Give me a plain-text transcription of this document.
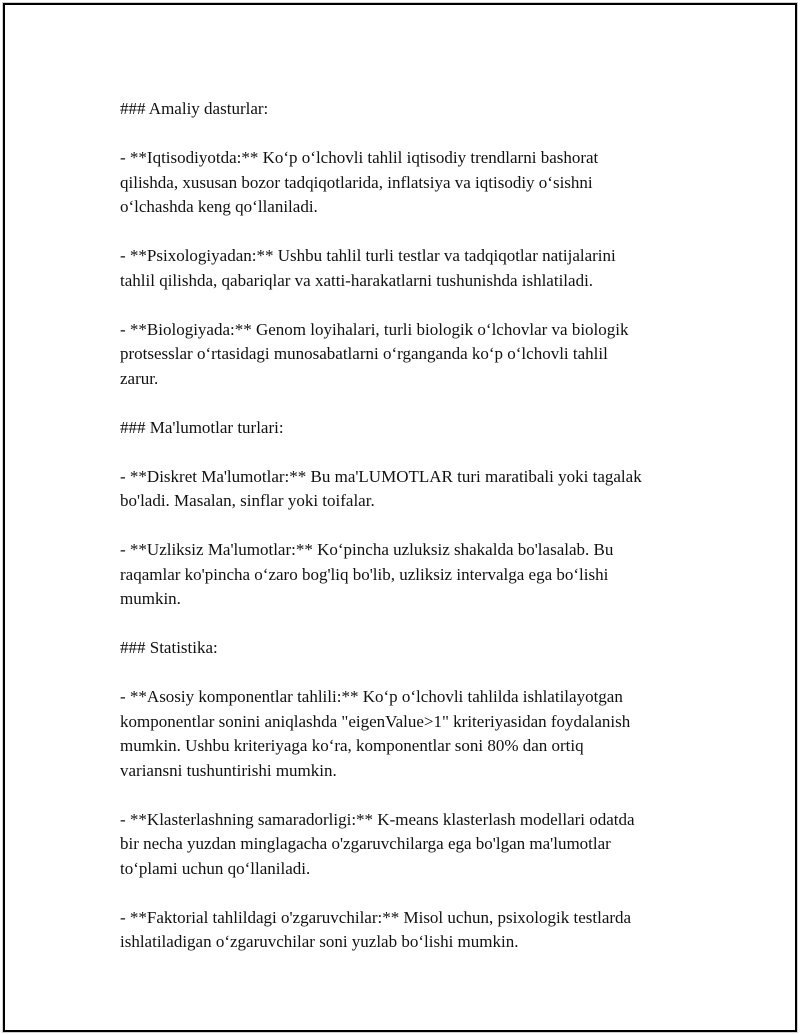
### Amaliy dasturlar:

- **Iqtisodiyotda:** Ko‘p o‘lchovli tahlil iqtisodiy trendlarni bashorat
qilishda, xususan bozor tadqiqotlarida, inflatsiya va iqtisodiy o‘sishni
o‘lchashda keng qo‘llaniladi.

- **Psixologiyadan:** Ushbu tahlil turli testlar va tadqiqotlar natijalarini
tahlil qilishda, qabariqlar va xatti-harakatlarni tushunishda ishlatiladi.

- **Biologiyada:** Genom loyihalari, turli biologik o‘lchovlar va biologik
protsesslar o‘rtasidagi munosabatlarni o‘rganganda ko‘p o‘lchovli tahlil
zarur.

### Ma'lumotlar turlari:

- **Diskret Ma'lumotlar:** Bu ma'LUMOTLAR turi maratibali yoki tagalak
bo'ladi. Masalan, sinflar yoki toifalar.

- **Uzliksiz Ma'lumotlar:** Ko‘pincha uzluksiz shakalda bo'lasalab. Bu
raqamlar ko'pincha o‘zaro bog'liq bo'lib, uzliksiz intervalga ega bo‘lishi
mumkin.

### Statistika:

- **Asosiy komponentlar tahlili:** Ko‘p o‘lchovli tahlilda ishlatilayotgan
komponentlar sonini aniqlashda "eigenValue>1" kriteriyasidan foydalanish
mumkin. Ushbu kriteriyaga ko‘ra, komponentlar soni 80% dan ortiq
variansni tushuntirishi mumkin.

- **Klasterlashning samaradorligi:** K-means klasterlash modellari odatda
bir necha yuzdan minglagacha o'zgaruvchilarga ega bo'lgan ma'lumotlar
to‘plami uchun qo‘llaniladi.

- **Faktorial tahlildagi o'zgaruvchilar:** Misol uchun, psixologik testlarda
ishlatiladigan o‘zgaruvchilar soni yuzlab bo‘lishi mumkin.
